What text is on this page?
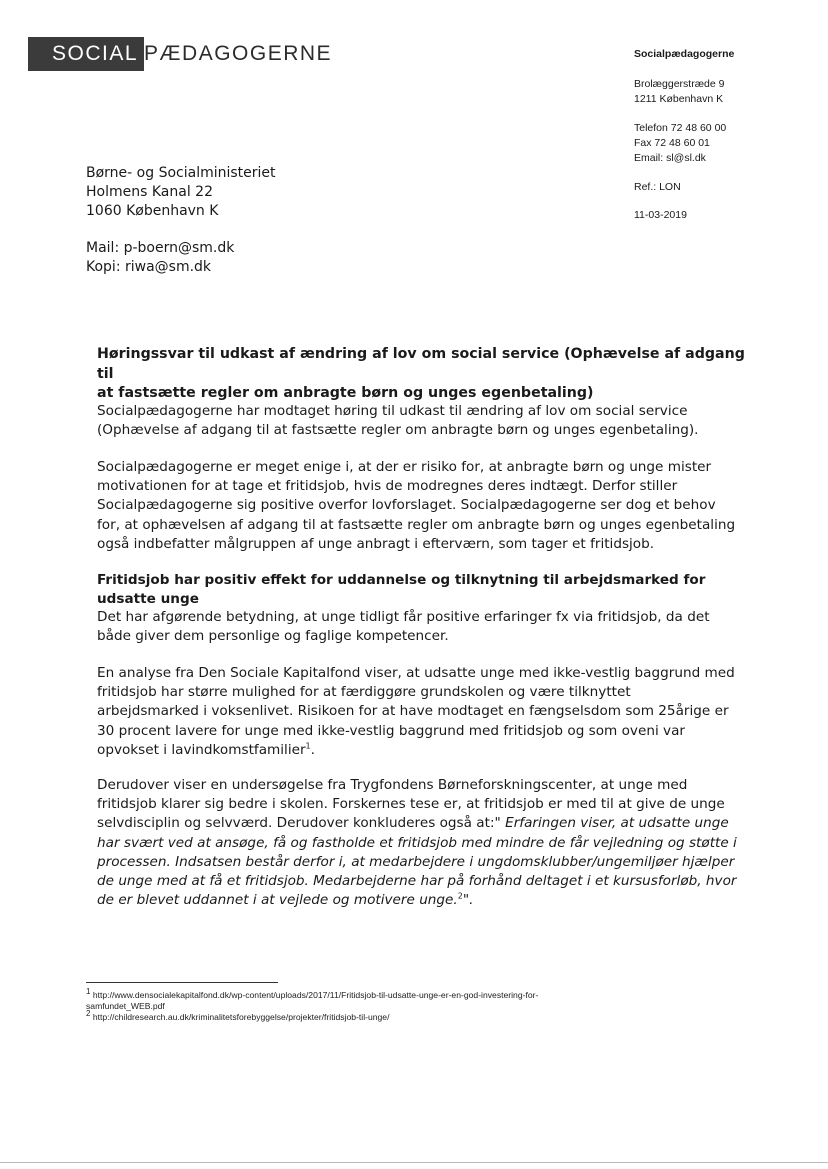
SOCIAL PÆDAGOGERNE	Socialpædagogerne
Brolæggerstræde 9
1211 København K
Telefon 72 48 60 00
Fax 72 48 60 01
Email: sl@sl.dk
Ref.: LON
11-03-2019
Børne- og Socialministeriet
Holmens Kanal 22
1060 København K
Mail: p-boern@sm.dk
Kopi: riwa@sm.dk
Høringssvar til udkast af ændring af lov om social service (Ophævelse af adgang til
at fastsætte regler om anbragte børn og unges egenbetaling)

Socialpædagogerne har modtaget høring til udkast til ændring af lov om social service

(Ophævelse af adgang til at fastsætte regler om anbragte børn og unges egenbetaling).

Socialpædagogerne er meget enige i, at der er risiko for, at anbragte børn og unge mister

motivationen for at tage et fritidsjob, hvis de modregnes deres indtægt. Derfor stiller

Socialpædagogerne sig positive overfor lovforslaget. Socialpædagogerne ser dog et behov

for, at ophævelsen af adgang til at fastsætte regler om anbragte børn og unges egenbetaling

også indbefatter målgruppen af unge anbragt i efterværn, som tager et fritidsjob.

Fritidsjob har positiv effekt for uddannelse og tilknytning til arbejdsmarked for

udsatte unge

Det har afgørende betydning, at unge tidligt får positive erfaringer fx via fritidsjob, da det

både giver dem personlige og faglige kompetencer.

En analyse fra Den Sociale Kapitalfond viser, at udsatte unge med ikke-vestlig baggrund med

fritidsjob har større mulighed for at færdiggøre grundskolen og være tilknyttet

arbejdsmarked i voksenlivet. Risikoen for at have modtaget en fængselsdom som 25årige er

30 procent lavere for unge med ikke-vestlig baggrund med fritidsjob og som oveni var

opvokset i lavindkomstfamilier$^1$.

Derudover viser en undersøgelse fra Trygfondens Børneforskningscenter, at unge med

fritidsjob klarer sig bedre i skolen. Forskernes tese er, at fritidsjob er med til at give de unge

selvdisciplin og selvværd. Derudover konkluderes også at:" Erfaringen viser, at udsatte unge

har svært ved at ansøge, få og fastholde et fritidsjob med mindre de får vejledning og støtte i

processen. Indsatsen består derfor i, at medarbejdere i ungdomsklubber/ungemiljøer hjælper

de unge med at få et fritidsjob. Medarbejderne har på forhånd deltaget i et kursusforløb, hvor

de er blevet uddannet i at vejlede og motivere unge.$^2$".

$^1$ http://www.densocialekapitalfond.dk/wp-content/uploads/2017/11/Fritidsjob-til-udsatte-unge-er-en-god-investering-for-
samfundet_WEB.pdf
$^2$ http://childresearch.au.dk/kriminalitetsforebyggelse/projekter/fritidsjob-til-unge/
